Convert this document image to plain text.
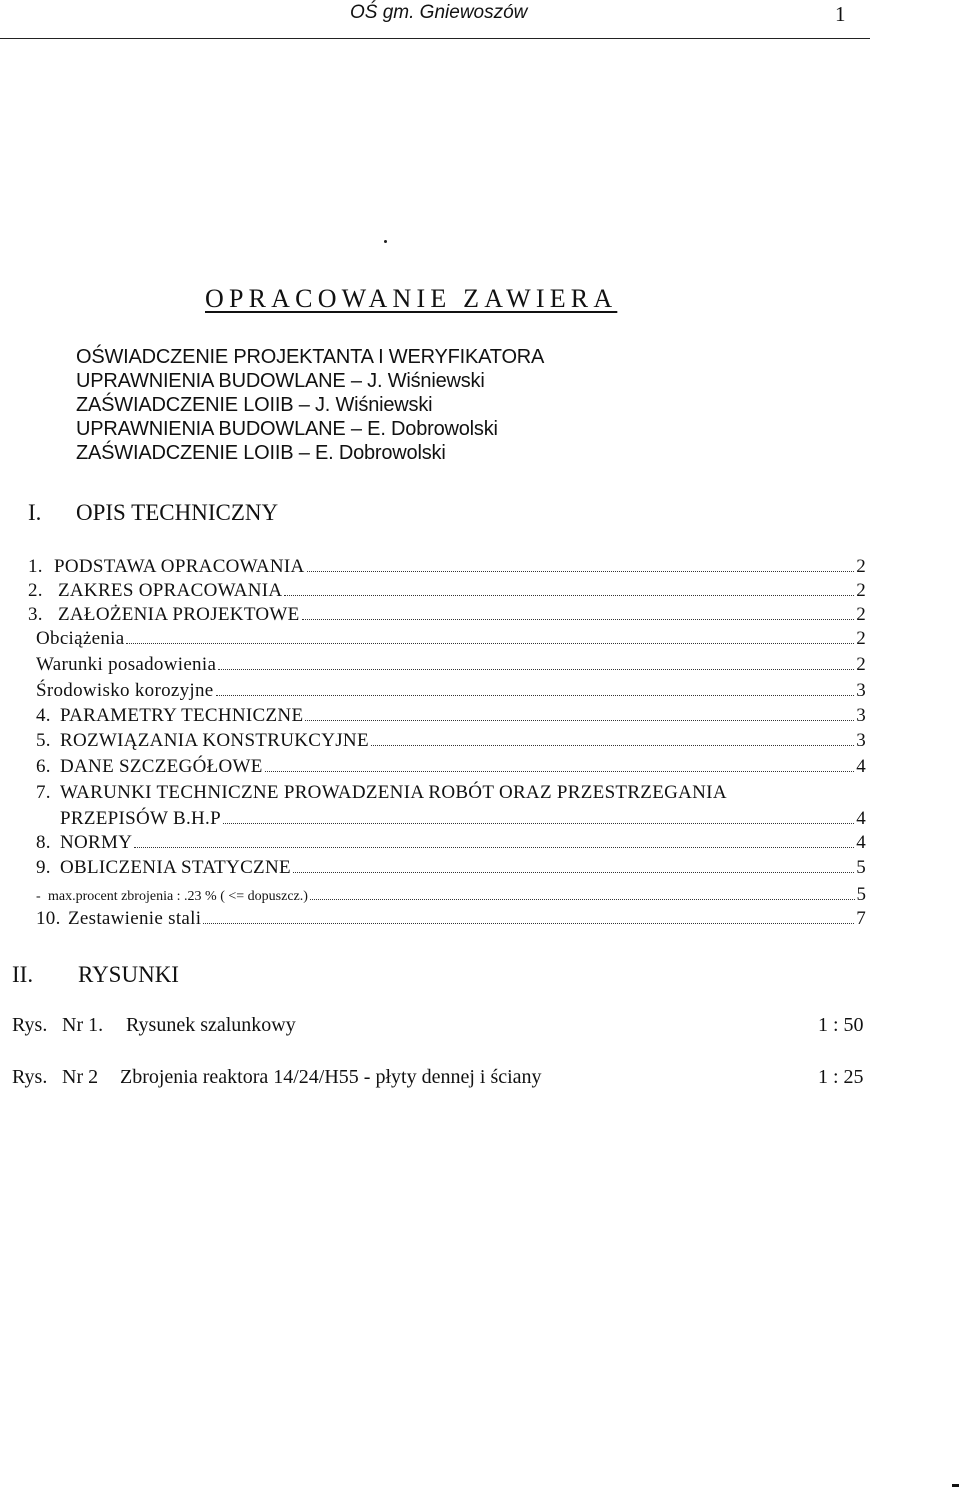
OŚ gm. Gniewoszów	1
OPRACOWANIE ZAWIERA
OŚWIADCZENIE PROJEKTANTA I WERYFIKATORA
UPRAWNIENIA BUDOWLANE – J. Wiśniewski
ZAŚWIADCZENIE LOIIB – J. Wiśniewski
UPRAWNIENIA BUDOWLANE – E. Dobrowolski
ZAŚWIADCZENIE LOIIB – E. Dobrowolski
I. OPIS TECHNICZNY
1. PODSTAWA OPRACOWANIA	2
2. ZAKRES OPRACOWANIA	2
3. ZAŁOŻENIA PROJEKTOWE	2
Obciążenia	2
Warunki posadowienia	2
Środowisko korozyjne	3
4. PARAMETRY TECHNICZNE	3
5. ROZWIĄZANIA KONSTRUKCYJNE	3
6. DANE SZCZEGÓŁOWE	4
7. WARUNKI TECHNICZNE PROWADZENIA ROBÓT ORAZ PRZESTRZEGANIA
PRZEPISÓW B.H.P	4
8. NORMY	4
9. OBLICZENIA STATYCZNE	5
- max.procent zbrojenia : .23 % ( <= dopuszcz.)	5
10. Zestawienie stali	7
II. RYSUNKI
Rys. Nr 1. Rysunek szalunkowy	1 : 50
Rys. Nr 2 Zbrojenia reaktora 14/24/H55 - płyty dennej i ściany	1 : 25
